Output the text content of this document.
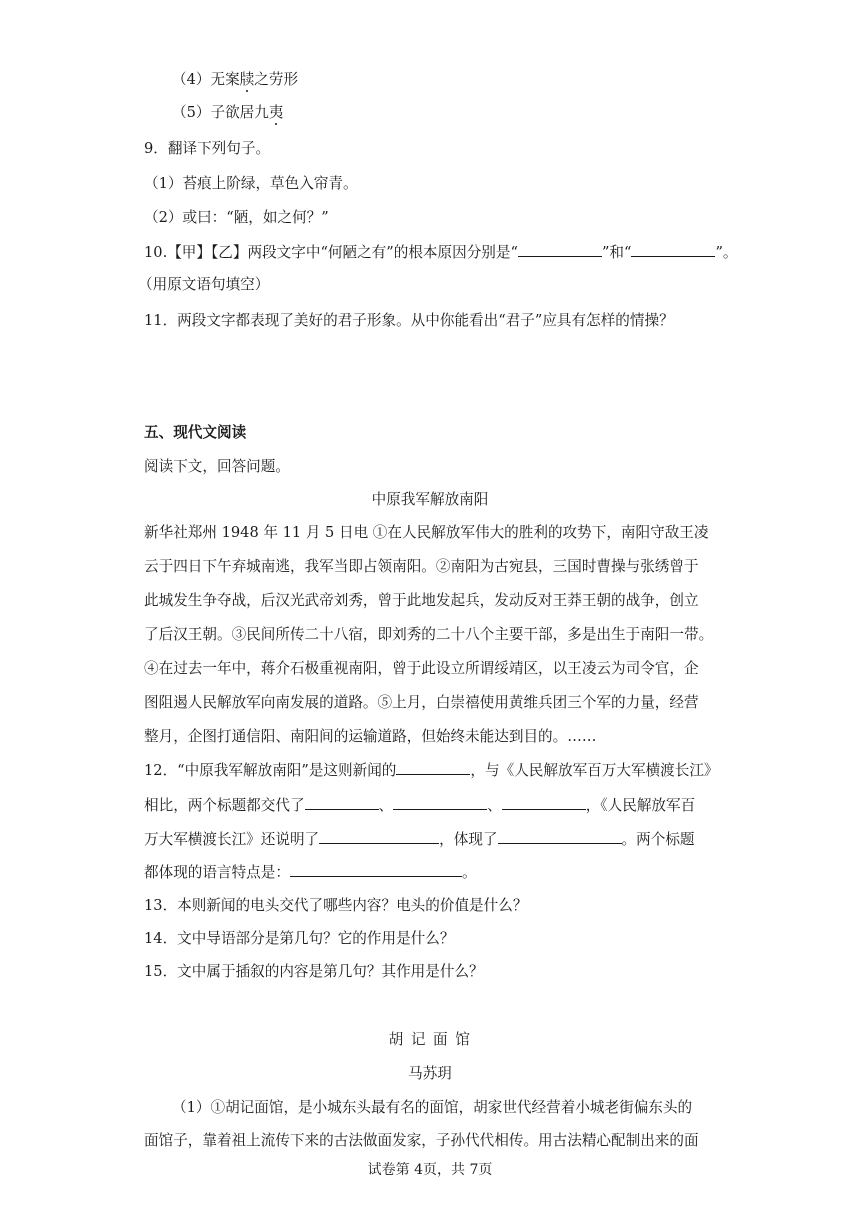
（4）无案牍之劳形
（5）子欲居九夷
9．翻译下列句子。
（1）苔痕上阶绿，草色入帘青。
（2）或曰：“陋，如之何？”
10.【甲】【乙】两段文字中“何陋之有”的根本原因分别是“	”和“	”。
（用原文语句填空）
11．两段文字都表现了美好的君子形象。从中你能看出“君子”应具有怎样的情操？
五、现代文阅读
阅读下文，回答问题。
中原我军解放南阳
新华社郑州 1948 年 11 月 5 日电 ①在人民解放军伟大的胜利的攻势下，南阳守敌王凌
云于四日下午弃城南逃，我军当即占领南阳。②南阳为古宛县，三国时曹操与张绣曾于
此城发生争夺战，后汉光武帝刘秀，曾于此地发起兵，发动反对王莽王朝的战争，创立
了后汉王朝。③民间所传二十八宿，即刘秀的二十八个主要干部，多是出生于南阳一带。
④在过去一年中，蒋介石极重视南阳，曾于此设立所谓绥靖区，以王凌云为司令官，企
图阻遏人民解放军向南发展的道路。⑤上月，白崇禧使用黄维兵团三个军的力量，经营
整月，企图打通信阳、南阳间的运输道路，但始终未能达到目的。……
12．“中原我军解放南阳”是这则新闻的	，与《人民解放军百万大军横渡长江》
相比，两个标题都交代了	、	、	，《人民解放军百
万大军横渡长江》还说明了	，体现了	。两个标题
都体现的语言特点是：	。
13．本则新闻的电头交代了哪些内容？电头的价值是什么？
14．文中导语部分是第几句？它的作用是什么？
15．文中属于插叙的内容是第几句？其作用是什么？
胡 记 面 馆
马苏玥
（1）①胡记面馆，是小城东头最有名的面馆，胡家世代经营着小城老街偏东头的
面馆子，靠着祖上流传下来的古法做面发家，子孙代代相传。用古法精心配制出来的面
试卷第 4页，共 7页
